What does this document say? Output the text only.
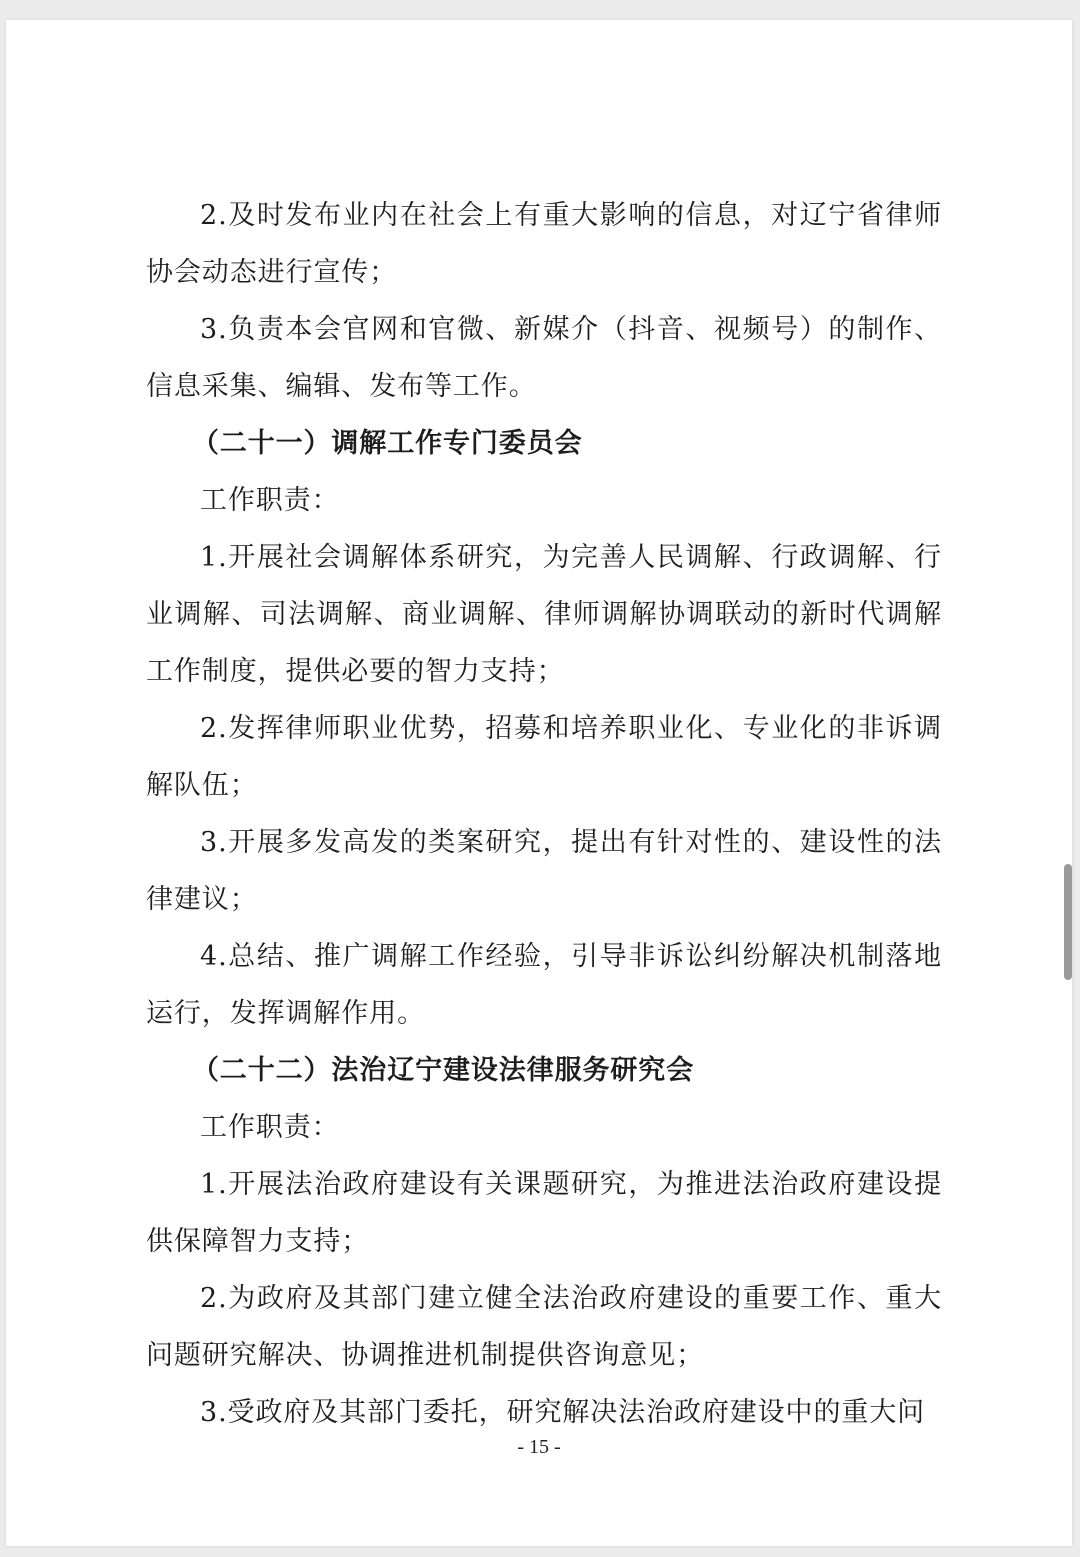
2.及时发布业内在社会上有重大影响的信息，对辽宁省律师协会动态进行宣传；

3.负责本会官网和官微、新媒介（抖音、视频号）的制作、信息采集、编辑、发布等工作。

（二十一）调解工作专门委员会

工作职责：

1.开展社会调解体系研究，为完善人民调解、行政调解、行业调解、司法调解、商业调解、律师调解协调联动的新时代调解工作制度，提供必要的智力支持；

2.发挥律师职业优势，招募和培养职业化、专业化的非诉调解队伍；

3.开展多发高发的类案研究，提出有针对性的、建设性的法律建议；

4.总结、推广调解工作经验，引导非诉讼纠纷解决机制落地运行，发挥调解作用。

（二十二）法治辽宁建设法律服务研究会

工作职责：

1.开展法治政府建设有关课题研究，为推进法治政府建设提供保障智力支持；

2.为政府及其部门建立健全法治政府建设的重要工作、重大问题研究解决、协调推进机制提供咨询意见；

3.受政府及其部门委托，研究解决法治政府建设中的重大问

- 15 -
